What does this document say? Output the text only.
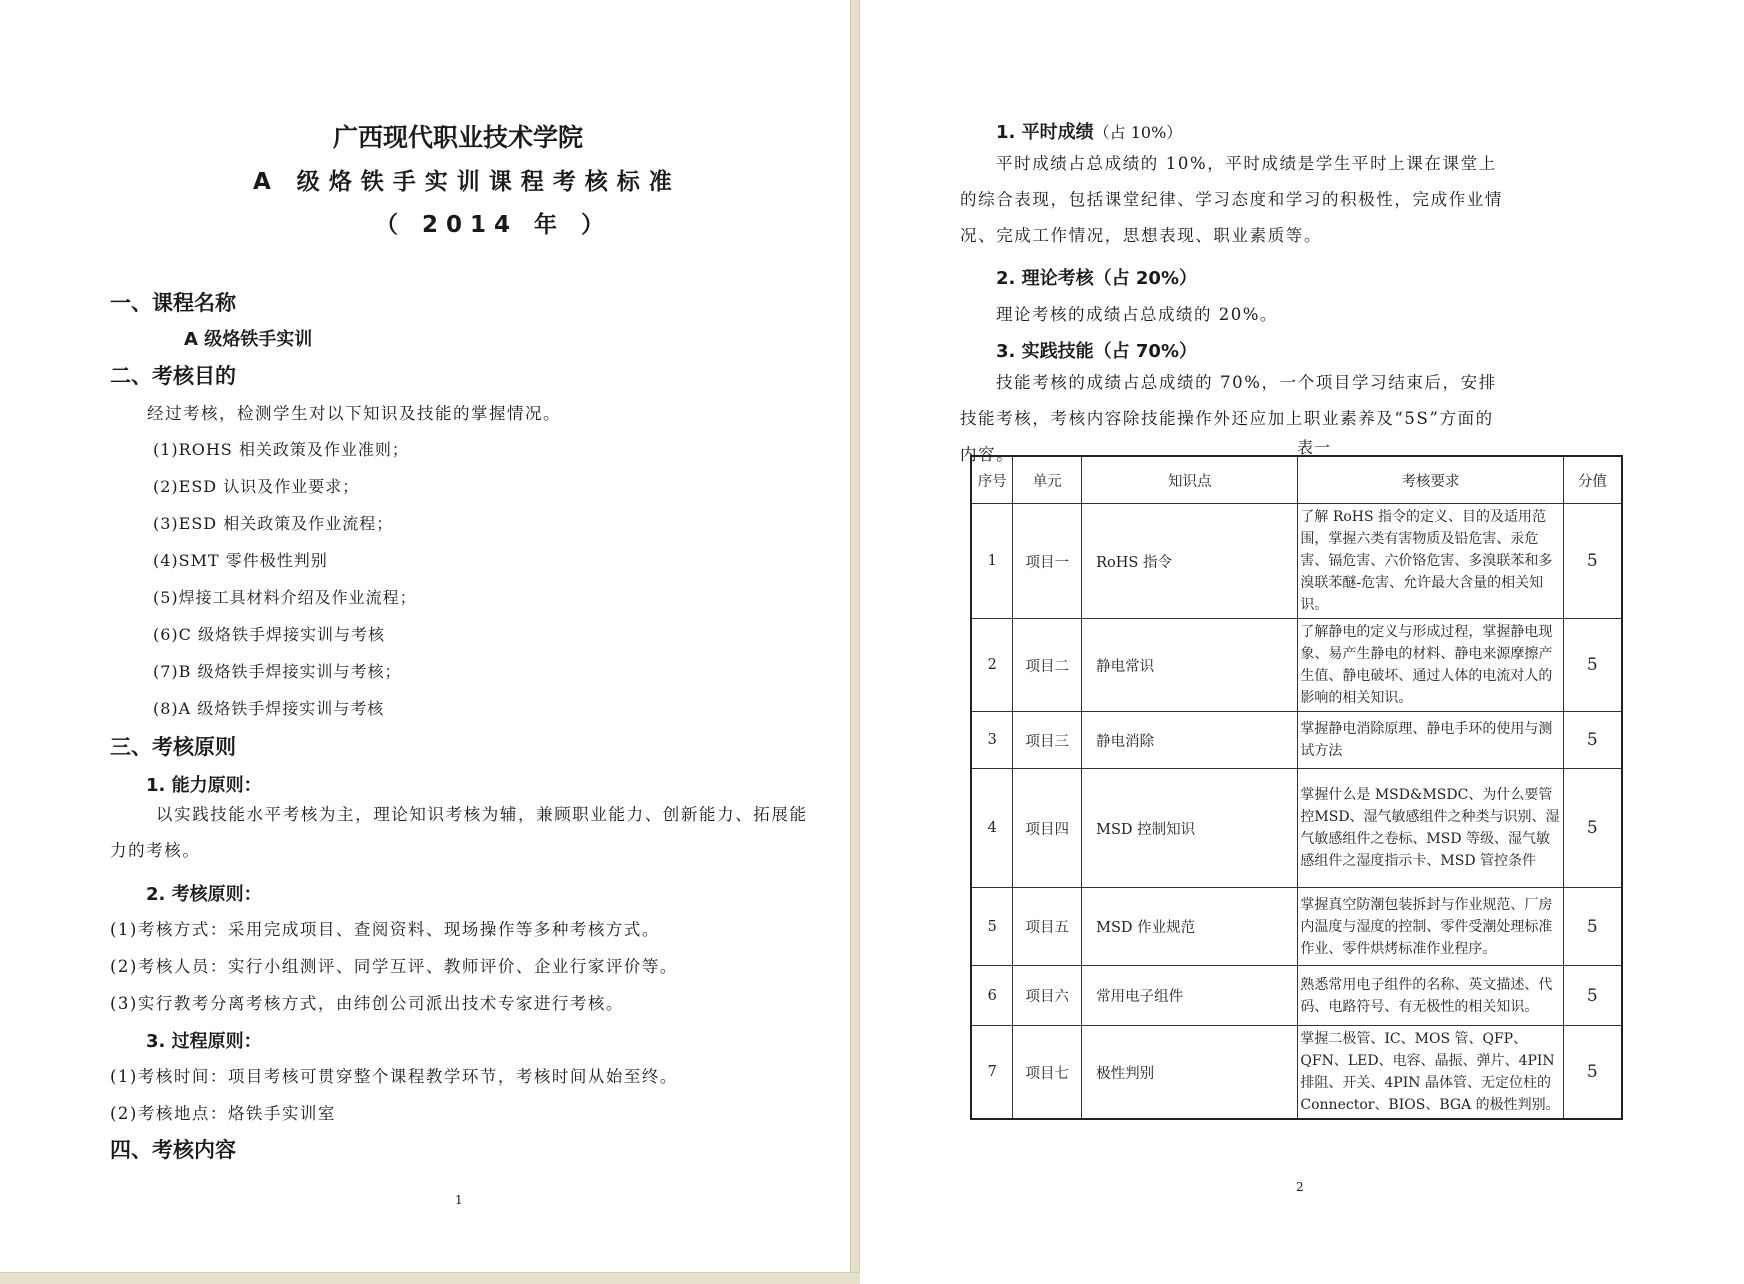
广西现代职业技术学院
A 级烙铁手实训课程考核标准
（ 2014 年 ）
一、课程名称
A 级烙铁手实训
二、考核目的
经过考核，检测学生对以下知识及技能的掌握情况。
(1)ROHS 相关政策及作业准则；
(2)ESD 认识及作业要求；
(3)ESD 相关政策及作业流程；
(4)SMT 零件极性判别
(5)焊接工具材料介绍及作业流程；
(6)C 级烙铁手焊接实训与考核
(7)B 级烙铁手焊接实训与考核；
(8)A 级烙铁手焊接实训与考核
三、考核原则
1. 能力原则：
以实践技能水平考核为主，理论知识考核为辅，兼顾职业能力、创新能力、拓展能力的考核。
2. 考核原则：
(1)考核方式：采用完成项目、查阅资料、现场操作等多种考核方式。
(2)考核人员：实行小组测评、同学互评、教师评价、企业行家评价等。
(3)实行教考分离考核方式，由纬创公司派出技术专家进行考核。
3. 过程原则：
(1)考核时间：项目考核可贯穿整个课程教学环节，考核时间从始至终。
(2)考核地点：烙铁手实训室
四、考核内容
1
1. 平时成绩（占 10%）
平时成绩占总成绩的 10%，平时成绩是学生平时上课在课堂上的综合表现，包括课堂纪律、学习态度和学习的积极性，完成作业情况、完成工作情况，思想表现、职业素质等。
2. 理论考核（占 20%）
理论考核的成绩占总成绩的 20%。
3. 实践技能（占 70%）
技能考核的成绩占总成绩的 70%，一个项目学习结束后，安排技能考核，考核内容除技能操作外还应加上职业素养及“5S”方面的内容。	表一
2
序号	单元	知识点	考核要求	分值
1	项目一	RoHS 指令	了解 RoHS 指令的定义、目的及适用范围，掌握六类有害物质及铅危害、汞危害、镉危害、六价铬危害、多溴联苯和多溴联苯醚-危害、允许最大含量的相关知识。	5
2	项目二	静电常识	了解静电的定义与形成过程，掌握静电现象、易产生静电的材料、静电来源摩擦产生值、静电破坏、通过人体的电流对人的影响的相关知识。	5
3	项目三	静电消除	掌握静电消除原理、静电手环的使用与测试方法	5
4	项目四	MSD 控制知识	掌握什么是 MSD&MSDC、为什么要管控MSD、湿气敏感组件之种类与识别、湿气敏感组件之卷标、MSD 等级、湿气敏感组件之湿度指示卡、MSD 管控条件	5
5	项目五	MSD 作业规范	掌握真空防潮包装拆封与作业规范、厂房内温度与湿度的控制、零件受潮处理标准作业、零件烘烤标准作业程序。	5
6	项目六	常用电子组件	熟悉常用电子组件的名称、英文描述、代码、电路符号、有无极性的相关知识。	5
7	项目七	极性判别	掌握二极管、IC、MOS 管、QFP、QFN、LED、电容、晶振、弹片、4PIN 排阻、开关、4PIN 晶体管、无定位柱的Connector、BIOS、BGA 的极性判别。	5
